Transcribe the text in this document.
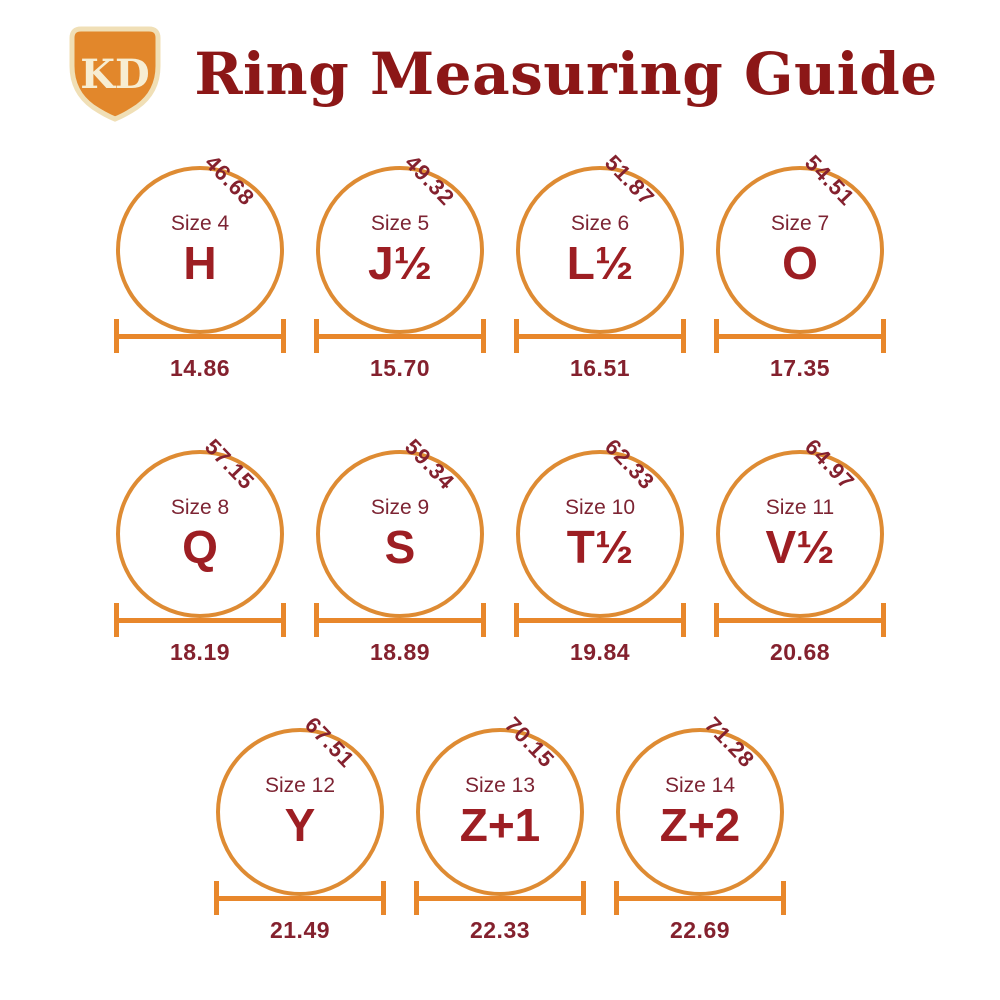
KD Ring Measuring Guide
46.68
Size 4
H
14.86
49.32
Size 5
J½
15.70
51.87
Size 6
L½
16.51
54.51
Size 7
O
17.35
57.15
Size 8
Q
18.19
59.34
Size 9
S
18.89
62.33
Size 10
T½
19.84
64.97
Size 11
V½
20.68
67.51
Size 12
Y
21.49
70.15
Size 13
Z+1
22.33
71.28
Size 14
Z+2
22.69
